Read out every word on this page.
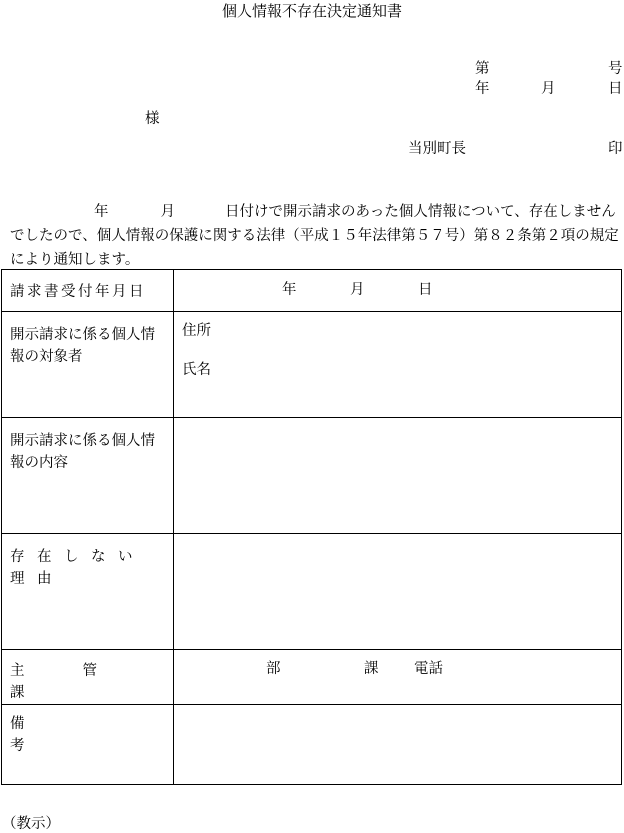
個人情報不存在決定通知書
第	号
年	月	日
様
当別町長	印
年	月	日付けで開示請求のあった個人情報について、存在しませんでしたので、個人情報の保護に関する法律（平成１５年法律第５７号）第８２条第２項の規定により通知します。
請求書受付年月日	年 月 日

開示請求に係る個人情報の対象者	住所
氏名

開示請求に係る個人情報の内容	

存在しない理由	

主管課	部 課 電話

備考	

（教示）
